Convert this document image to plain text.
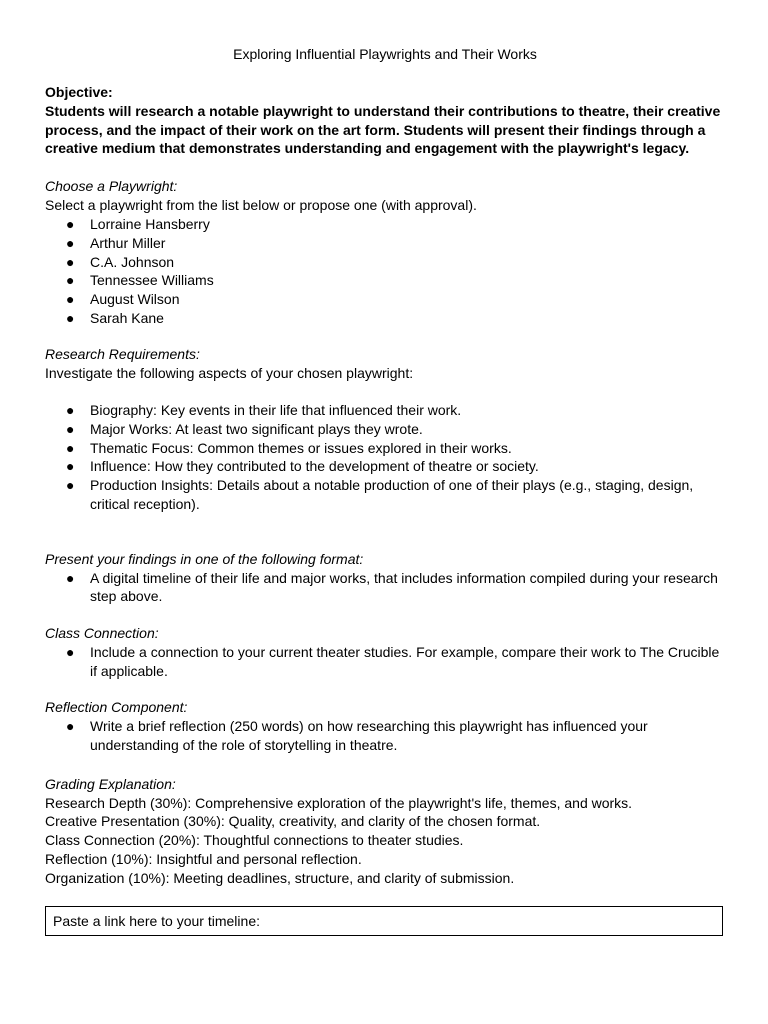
Exploring Influential Playwrights and Their Works

Objective:

Students will research a notable playwright to understand their contributions to theatre, their creative process, and the impact of their work on the art form. Students will present their findings through a creative medium that demonstrates understanding and engagement with the playwright's legacy.

Choose a Playwright:

Select a playwright from the list below or propose one (with approval).

● Lorraine Hansberry
● Arthur Miller
● C.A. Johnson
● Tennessee Williams
● August Wilson
● Sarah Kane

Research Requirements:

Investigate the following aspects of your chosen playwright:

● Biography: Key events in their life that influenced their work.
● Major Works: At least two significant plays they wrote.
● Thematic Focus: Common themes or issues explored in their works.
● Influence: How they contributed to the development of theatre or society.
● Production Insights: Details about a notable production of one of their plays (e.g., staging, design, critical reception).

Present your findings in one of the following format:

● A digital timeline of their life and major works, that includes information compiled during your research step above.

Class Connection:

● Include a connection to your current theater studies. For example, compare their work to The Crucible if applicable.

Reflection Component:

● Write a brief reflection (250 words) on how researching this playwright has influenced your understanding of the role of storytelling in theatre.

Grading Explanation:

Research Depth (30%): Comprehensive exploration of the playwright's life, themes, and works.

Creative Presentation (30%): Quality, creativity, and clarity of the chosen format.

Class Connection (20%): Thoughtful connections to theater studies.

Reflection (10%): Insightful and personal reflection.

Organization (10%): Meeting deadlines, structure, and clarity of submission.

Paste a link here to your timeline:
